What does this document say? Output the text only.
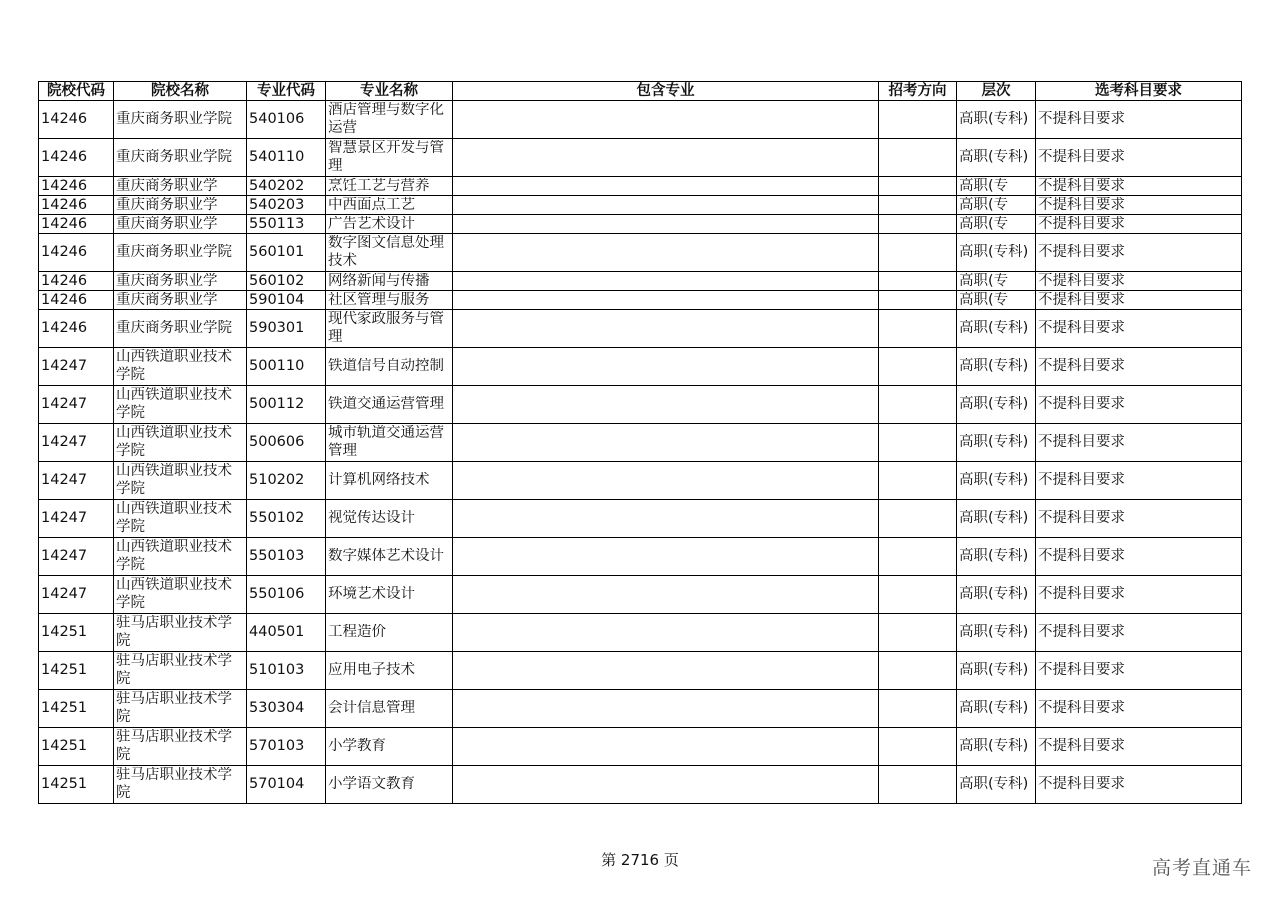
院校代码	院校名称	专业代码	专业名称	包含专业	招考方向	层次	选考科目要求

14246	重庆商务职业学院	540106	酒店管理与数字化运营			高职(专科)	不提科目要求

14246	重庆商务职业学院	540110	智慧景区开发与管理			高职(专科)	不提科目要求

14246	重庆商务职业学	540202	烹饪工艺与营养			高职(专	不提科目要求

14246	重庆商务职业学	540203	中西面点工艺			高职(专	不提科目要求

14246	重庆商务职业学	550113	广告艺术设计			高职(专	不提科目要求

14246	重庆商务职业学院	560101	数字图文信息处理技术			高职(专科)	不提科目要求

14246	重庆商务职业学	560102	网络新闻与传播			高职(专	不提科目要求

14246	重庆商务职业学	590104	社区管理与服务			高职(专	不提科目要求

14246	重庆商务职业学院	590301	现代家政服务与管理			高职(专科)	不提科目要求

14247	山西铁道职业技术学院	500110	铁道信号自动控制			高职(专科)	不提科目要求

14247	山西铁道职业技术学院	500112	铁道交通运营管理			高职(专科)	不提科目要求

14247	山西铁道职业技术学院	500606	城市轨道交通运营管理			高职(专科)	不提科目要求

14247	山西铁道职业技术学院	510202	计算机网络技术			高职(专科)	不提科目要求

14247	山西铁道职业技术学院	550102	视觉传达设计			高职(专科)	不提科目要求

14247	山西铁道职业技术学院	550103	数字媒体艺术设计			高职(专科)	不提科目要求

14247	山西铁道职业技术学院	550106	环境艺术设计			高职(专科)	不提科目要求

14251	驻马店职业技术学院	440501	工程造价			高职(专科)	不提科目要求

14251	驻马店职业技术学院	510103	应用电子技术			高职(专科)	不提科目要求

14251	驻马店职业技术学院	530304	会计信息管理			高职(专科)	不提科目要求

14251	驻马店职业技术学院	570103	小学教育			高职(专科)	不提科目要求

14251	驻马店职业技术学院	570104	小学语文教育			高职(专科)	不提科目要求
第 2716 页	高考直通车
